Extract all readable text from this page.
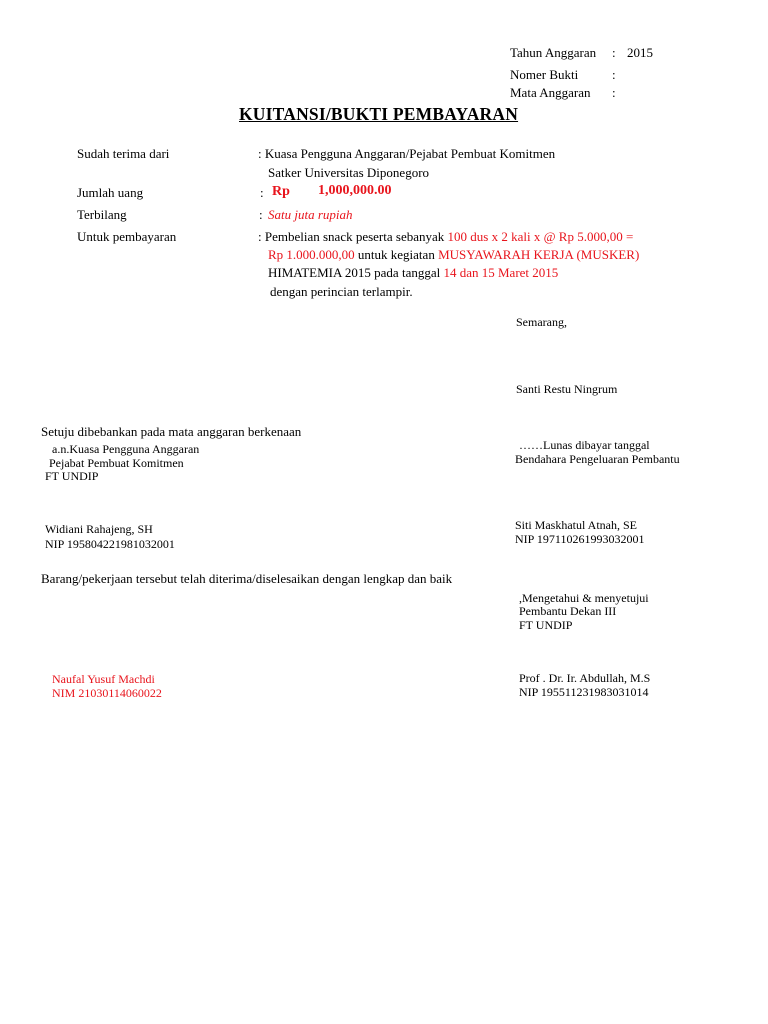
Tahun Anggaran : 2015
Nomer Bukti	:
Mata Anggaran :
KUITANSI/BUKTI PEMBAYARAN
Sudah terima dari	: Kuasa Pengguna Anggaran/Pejabat Pembuat Komitmen
Satker Universitas Diponegoro
Jumlah uang	: Rp 1,000,000.00
Terbilang	: Satu juta rupiah
Untuk pembayaran	: Pembelian snack peserta sebanyak 100 dus x 2 kali x @ Rp 5.000,00 =
Rp 1.000.000,00 untuk kegiatan MUSYAWARAH KERJA (MUSKER)
HIMATEMIA 2015 pada tanggal 14 dan 15 Maret 2015
dengan perincian terlampir.
Semarang,
Santi Restu Ningrum
Setuju dibebankan pada mata anggaran berkenaan
a.n.Kuasa Pengguna Anggaran
Pejabat Pembuat Komitmen
FT UNDIP
Widiani Rahajeng, SH
NIP 195804221981032001
……Lunas dibayar tanggal
Bendahara Pengeluaran Pembantu
Siti Maskhatul Atnah, SE
NIP 197110261993032001
Barang/pekerjaan tersebut telah diterima/diselesaikan dengan lengkap dan baik
,Mengetahui & menyetujui
Pembantu Dekan III
FT UNDIP
Prof . Dr. Ir. Abdullah, M.S
NIP 195511231983031014
Naufal Yusuf Machdi
NIM 21030114060022
